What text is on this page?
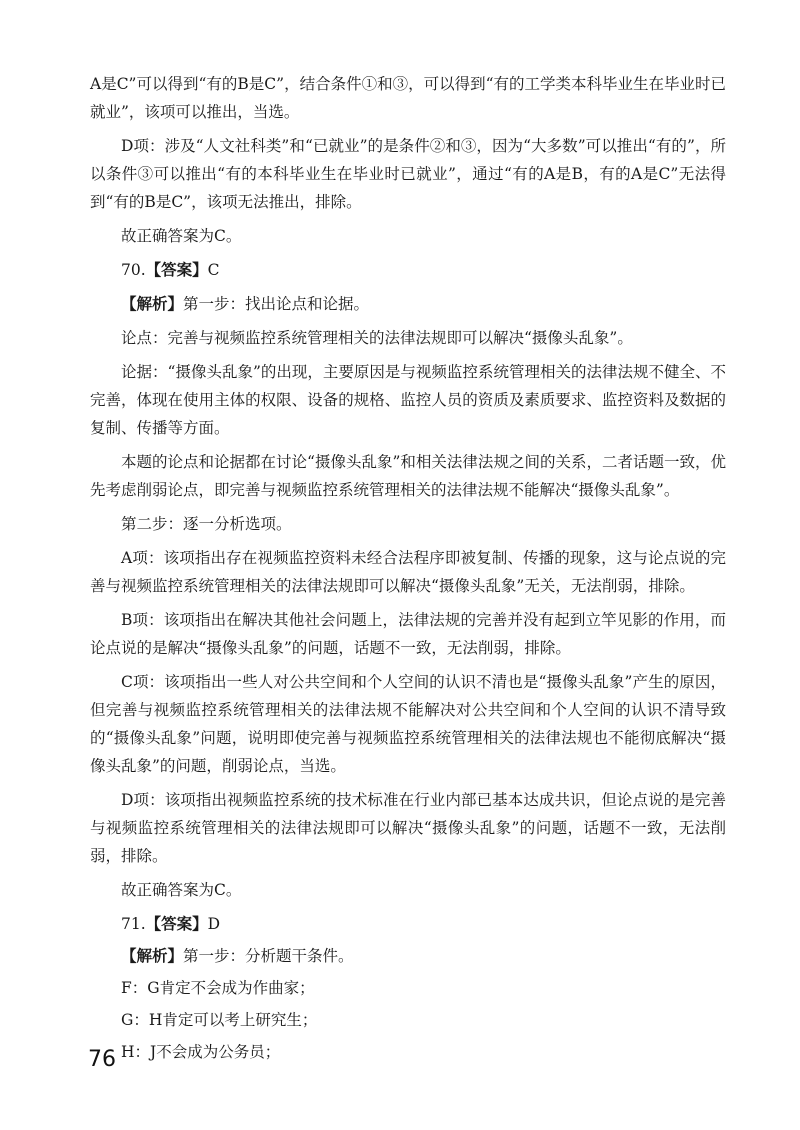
A是C”可以得到“有的B是C”，结合条件①和③，可以得到“有的工学类本科毕业生在毕业时已就业”，该项可以推出，当选。

D项：涉及“人文社科类”和“已就业”的是条件②和③，因为“大多数”可以推出“有的”，所以条件③可以推出“有的本科毕业生在毕业时已就业”，通过“有的A是B，有的A是C”无法得到“有的B是C”，该项无法推出，排除。

故正确答案为C。

70.【答案】C

【解析】第一步：找出论点和论据。

论点：完善与视频监控系统管理相关的法律法规即可以解决“摄像头乱象”。

论据：“摄像头乱象”的出现，主要原因是与视频监控系统管理相关的法律法规不健全、不完善，体现在使用主体的权限、设备的规格、监控人员的资质及素质要求、监控资料及数据的复制、传播等方面。

本题的论点和论据都在讨论“摄像头乱象”和相关法律法规之间的关系，二者话题一致，优先考虑削弱论点，即完善与视频监控系统管理相关的法律法规不能解决“摄像头乱象”。

第二步：逐一分析选项。

A项：该项指出存在视频监控资料未经合法程序即被复制、传播的现象，这与论点说的完善与视频监控系统管理相关的法律法规即可以解决“摄像头乱象”无关，无法削弱，排除。

B项：该项指出在解决其他社会问题上，法律法规的完善并没有起到立竿见影的作用，而论点说的是解决“摄像头乱象”的问题，话题不一致，无法削弱，排除。

C项：该项指出一些人对公共空间和个人空间的认识不清也是“摄像头乱象”产生的原因，但完善与视频监控系统管理相关的法律法规不能解决对公共空间和个人空间的认识不清导致的“摄像头乱象”问题，说明即使完善与视频监控系统管理相关的法律法规也不能彻底解决“摄像头乱象”的问题，削弱论点，当选。

D项：该项指出视频监控系统的技术标准在行业内部已基本达成共识，但论点说的是完善与视频监控系统管理相关的法律法规即可以解决“摄像头乱象”的问题，话题不一致，无法削弱，排除。

故正确答案为C。

71.【答案】D

【解析】第一步：分析题干条件。

F：G肯定不会成为作曲家；

G：H肯定可以考上研究生；

H：J不会成为公务员；

76
